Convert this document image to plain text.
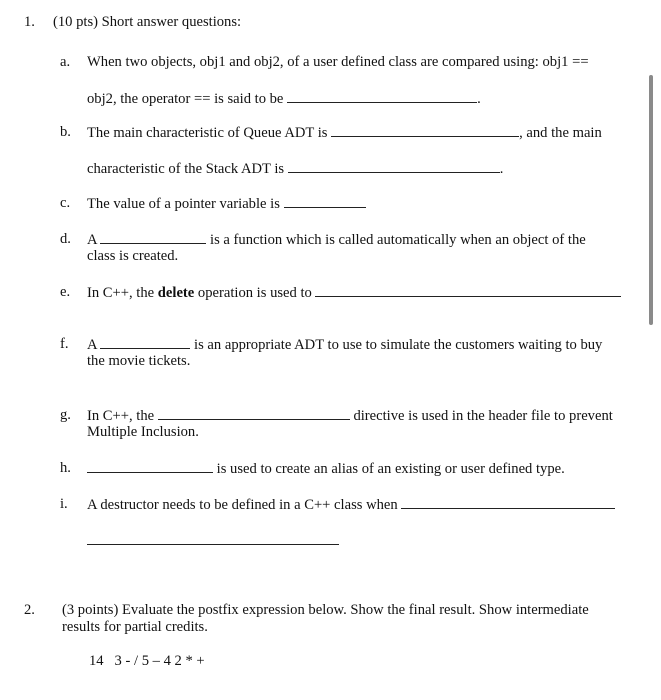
1. (10 pts) Short answer questions:
a. When two objects, obj1 and obj2, of a user defined class are compared using: obj1 ==
obj2, the operator == is said to be	.
b. The main characteristic of Queue ADT is	, and the main
characteristic of the Stack ADT is	.
c. The value of a pointer variable is
d. A	is a function which is called automatically when an object of the
class is created.
e. In C++, the delete operation is used to
f. A	is an appropriate ADT to use to simulate the customers waiting to buy
the movie tickets.
g. In C++, the	directive is used in the header file to prevent
Multiple Inclusion.
h.	is used to create an alias of an existing or user defined type.
i. A destructor needs to be defined in a C++ class when
2. (3 points) Evaluate the postfix expression below. Show the final result. Show intermediate
results for partial credits.
14   3 - / 5 – 4 2 * +
